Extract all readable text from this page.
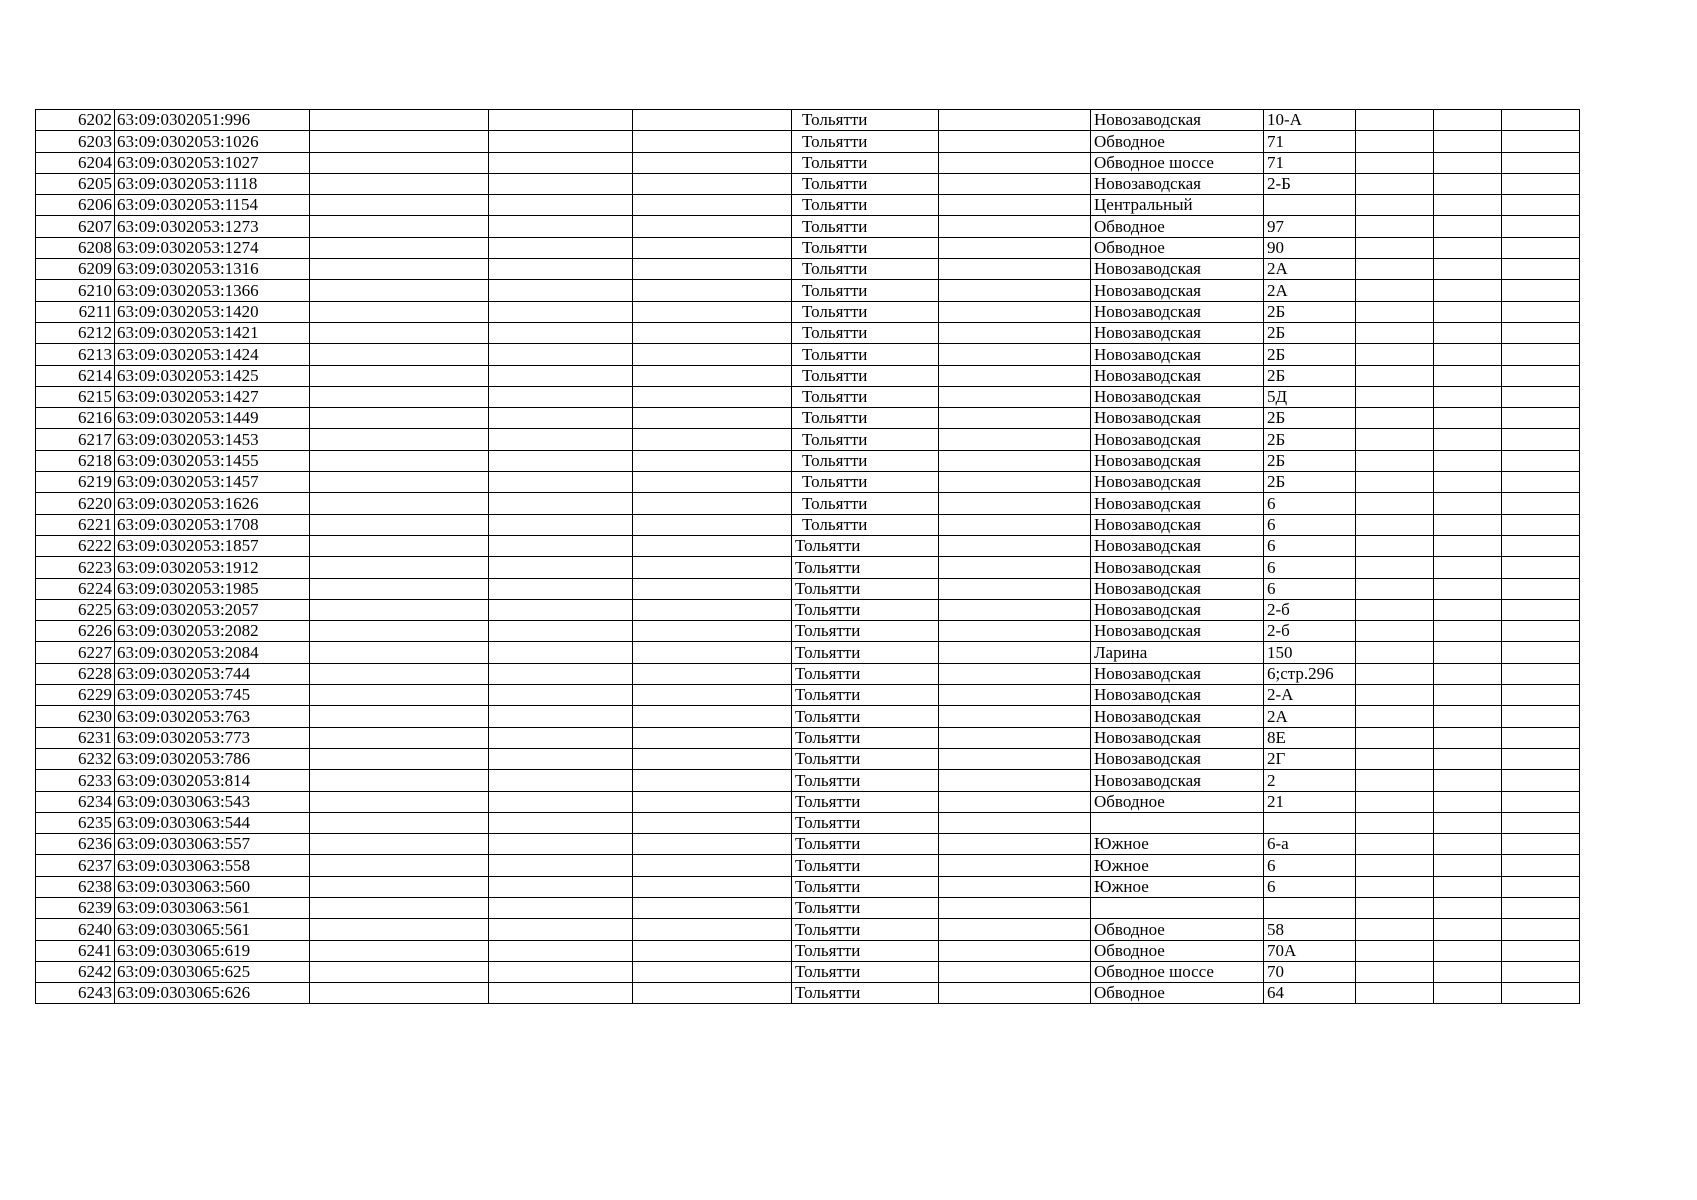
6202	63:09:0302051:996				Тольятти		Новозаводская	10-А			
6203	63:09:0302053:1026				Тольятти		Обводное	71			
6204	63:09:0302053:1027				Тольятти		Обводное шоссе	71			
6205	63:09:0302053:1118				Тольятти		Новозаводская	2-Б			
6206	63:09:0302053:1154				Тольятти		Центральный				
6207	63:09:0302053:1273				Тольятти		Обводное	97			
6208	63:09:0302053:1274				Тольятти		Обводное	90			
6209	63:09:0302053:1316				Тольятти		Новозаводская	2А			
6210	63:09:0302053:1366				Тольятти		Новозаводская	2А			
6211	63:09:0302053:1420				Тольятти		Новозаводская	2Б			
6212	63:09:0302053:1421				Тольятти		Новозаводская	2Б			
6213	63:09:0302053:1424				Тольятти		Новозаводская	2Б			
6214	63:09:0302053:1425				Тольятти		Новозаводская	2Б			
6215	63:09:0302053:1427				Тольятти		Новозаводская	5Д			
6216	63:09:0302053:1449				Тольятти		Новозаводская	2Б			
6217	63:09:0302053:1453				Тольятти		Новозаводская	2Б			
6218	63:09:0302053:1455				Тольятти		Новозаводская	2Б			
6219	63:09:0302053:1457				Тольятти		Новозаводская	2Б			
6220	63:09:0302053:1626				Тольятти		Новозаводская	6			
6221	63:09:0302053:1708				Тольятти		Новозаводская	6			
6222	63:09:0302053:1857				Тольятти		Новозаводская	6			
6223	63:09:0302053:1912				Тольятти		Новозаводская	6			
6224	63:09:0302053:1985				Тольятти		Новозаводская	6			
6225	63:09:0302053:2057				Тольятти		Новозаводская	2-б			
6226	63:09:0302053:2082				Тольятти		Новозаводская	2-б			
6227	63:09:0302053:2084				Тольятти		Ларина	150			
6228	63:09:0302053:744				Тольятти		Новозаводская	6;стр.296			
6229	63:09:0302053:745				Тольятти		Новозаводская	2-А			
6230	63:09:0302053:763				Тольятти		Новозаводская	2А			
6231	63:09:0302053:773				Тольятти		Новозаводская	8Е			
6232	63:09:0302053:786				Тольятти		Новозаводская	2Г			
6233	63:09:0302053:814				Тольятти		Новозаводская	2			
6234	63:09:0303063:543				Тольятти		Обводное	21			
6235	63:09:0303063:544				Тольятти						
6236	63:09:0303063:557				Тольятти		Южное	6-а			
6237	63:09:0303063:558				Тольятти		Южное	6			
6238	63:09:0303063:560				Тольятти		Южное	6			
6239	63:09:0303063:561				Тольятти						
6240	63:09:0303065:561				Тольятти		Обводное	58			
6241	63:09:0303065:619				Тольятти		Обводное	70А			
6242	63:09:0303065:625				Тольятти		Обводное шоссе	70			
6243	63:09:0303065:626				Тольятти		Обводное	64			
